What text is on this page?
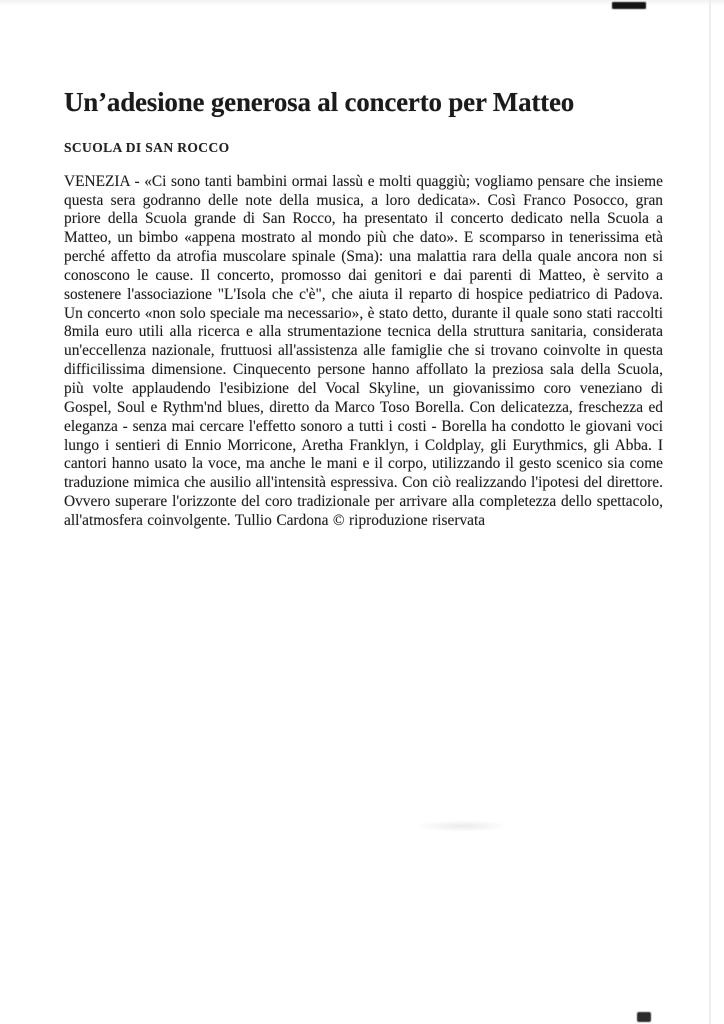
Un’adesione generosa al concerto per Matteo

SCUOLA DI SAN ROCCO

VENEZIA - «Ci sono tanti bambini ormai lassù e molti quaggiù; vogliamo pensare che insieme questa sera godranno delle note della musica, a loro dedicata». Così Franco Posocco, gran priore della Scuola grande di San Rocco, ha presentato il concerto dedicato nella Scuola a Matteo, un bimbo «appena mostrato al mondo più che dato». E scomparso in tenerissima età perché affetto da atrofia muscolare spinale (Sma): una malattia rara della quale ancora non si conoscono le cause. Il concerto, promosso dai genitori e dai parenti di Matteo, è servito a sostenere l'associazione "L'Isola che c'è", che aiuta il reparto di hospice pediatrico di Padova. Un concerto «non solo speciale ma necessario», è stato detto, durante il quale sono stati raccolti 8mila euro utili alla ricerca e alla strumentazione tecnica della struttura sanitaria, considerata un'eccellenza nazionale, fruttuosi all'assistenza alle famiglie che si trovano coinvolte in questa difficilissima dimensione. Cinquecento persone hanno affollato la preziosa sala della Scuola, più volte applaudendo l'esibizione del Vocal Skyline, un giovanissimo coro veneziano di Gospel, Soul e Rythm'nd blues, diretto da Marco Toso Borella. Con delicatezza, freschezza ed eleganza - senza mai cercare l'effetto sonoro a tutti i costi - Borella ha condotto le giovani voci lungo i sentieri di Ennio Morricone, Aretha Franklyn, i Coldplay, gli Eurythmics, gli Abba. I cantori hanno usato la voce, ma anche le mani e il corpo, utilizzando il gesto scenico sia come traduzione mimica che ausilio all'intensità espressiva. Con ciò realizzando l'ipotesi del direttore. Ovvero superare l'orizzonte del coro tradizionale per arrivare alla completezza dello spettacolo, all'atmosfera coinvolgente. Tullio Cardona © riproduzione riservata
